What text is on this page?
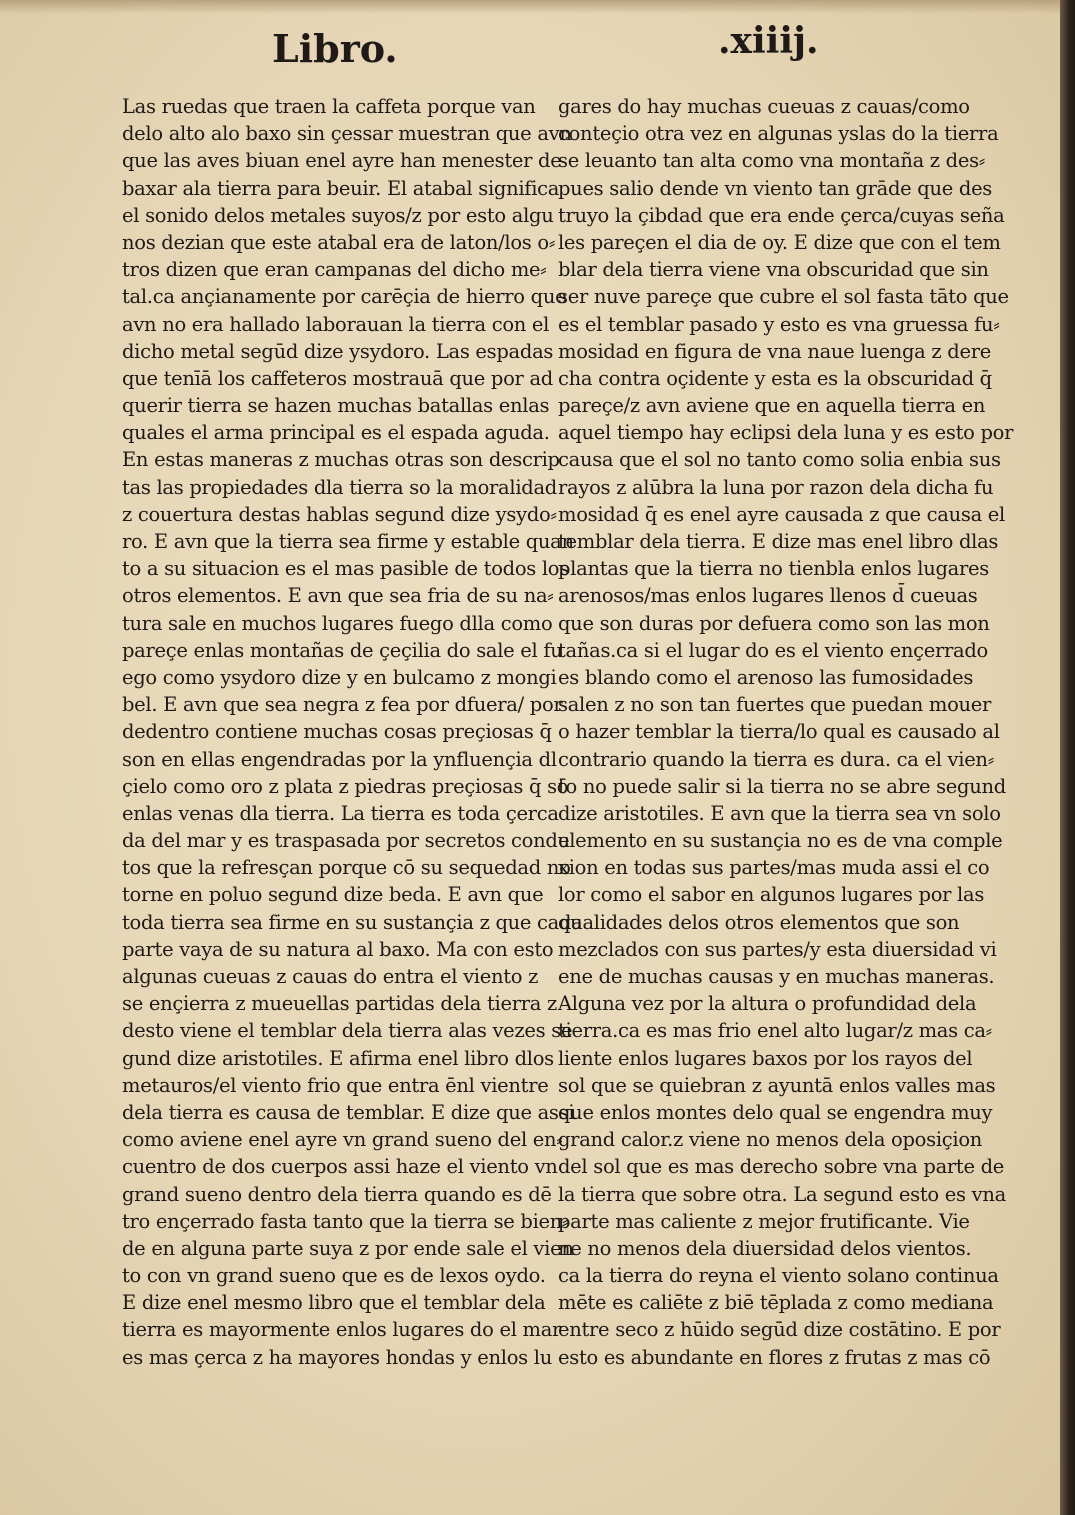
Libro.	.xiiij.
Las ruedas que traen la caffeta porque van
delo alto alo baxo sin çessar muestran que avn
que las aves biuan enel ayre han menester de
baxar ala tierra para beuir. El atabal significa
el sonido delos metales suyos/z por esto algu
nos dezian que este atabal era de laton/los o⸗
tros dizen que eran campanas del dicho me⸗
tal.ca ançianamente por carēçia de hierro que
avn no era hallado laborauan la tierra con el
dicho metal segūd dize ysydoro. Las espadas
que tenīā los caffeteros mostrauā que por ad
querir tierra se hazen muchas batallas enlas
quales el arma principal es el espada aguda.
En estas maneras z muchas otras son descrip
tas las propiedades dla tierra so la moralidad
z couertura destas hablas segund dize ysydo⸗
ro. E avn que la tierra sea firme y estable quan
to a su situacion es el mas pasible de todos los
otros elementos. E avn que sea fria de su na⸗
tura sale en muchos lugares fuego dlla como
pareçe enlas montañas de çeçilia do sale el fu
ego como ysydoro dize y en bulcamo z mongi
bel. E avn que sea negra z fea por dfuera/ por
dedentro contiene muchas cosas preçiosas q̄
son en ellas engendradas por la ynfluençia dl
çielo como oro z plata z piedras preçiosas q̄ sō
enlas venas dla tierra. La tierra es toda çerca
da del mar y es traspasada por secretos condu
tos que la refresçan porque cō su sequedad no
torne en poluo segund dize beda. E avn que
toda tierra sea firme en su sustançia z que cada
parte vaya de su natura al baxo. Ma con esto
algunas cueuas z cauas do entra el viento z
se ençierra z mueuellas partidas dela tierra z
desto viene el temblar dela tierra alas vezes se
gund dize aristotiles. E afirma enel libro dlos
metauros/el viento frio que entra ēnl vientre
dela tierra es causa de temblar. E dize que assi
como aviene enel ayre vn grand sueno del en⸗
cuentro de dos cuerpos assi haze el viento vn
grand sueno dentro dela tierra quando es dē
tro ençerrado fasta tanto que la tierra se bien⸗
de en alguna parte suya z por ende sale el vien
to con vn grand sueno que es de lexos oydo.
E dize enel mesmo libro que el temblar dela
tierra es mayormente enlos lugares do el mar
es mas çerca z ha mayores hondas y enlos lu
gares do hay muchas cueuas z cauas/como
conteçio otra vez en algunas yslas do la tierra
se leuanto tan alta como vna montaña z des⸗
pues salio dende vn viento tan grāde que des
truyo la çibdad que era ende çerca/cuyas seña
les pareçen el dia de oy. E dize que con el tem
blar dela tierra viene vna obscuridad que sin
ser nuve pareçe que cubre el sol fasta tāto que
es el temblar pasado y esto es vna gruessa fu⸗
mosidad en figura de vna naue luenga z dere
cha contra oçidente y esta es la obscuridad q̄
pareçe/z avn aviene que en aquella tierra en
aquel tiempo hay eclipsi dela luna y es esto por
causa que el sol no tanto como solia enbia sus
rayos z alūbra la luna por razon dela dicha fu
mosidad q̄ es enel ayre causada z que causa el
temblar dela tierra. E dize mas enel libro dlas
plantas que la tierra no tienbla enlos lugares
arenosos/mas enlos lugares llenos d̄ cueuas
que son duras por defuera como son las mon
tañas.ca si el lugar do es el viento ençerrado
es blando como el arenoso las fumosidades
salen z no son tan fuertes que puedan mouer
o hazer temblar la tierra/lo qual es causado al
contrario quando la tierra es dura. ca el vien⸗
to no puede salir si la tierra no se abre segund
dize aristotiles. E avn que la tierra sea vn solo
elemento en su sustançia no es de vna comple
xion en todas sus partes/mas muda assi el co
lor como el sabor en algunos lugares por las
qualidades delos otros elementos que son
mezclados con sus partes/y esta diuersidad vi
ene de muchas causas y en muchas maneras.
Alguna vez por la altura o profundidad dela
tierra.ca es mas frio enel alto lugar/z mas ca⸗
liente enlos lugares baxos por los rayos del
sol que se quiebran z ayuntā enlos valles mas
que enlos montes delo qual se engendra muy
grand calor.z viene no menos dela oposiçion
del sol que es mas derecho sobre vna parte de
la tierra que sobre otra. La segund esto es vna
parte mas caliente z mejor frutificante. Vie
ne no menos dela diuersidad delos vientos.
ca la tierra do reyna el viento solano continua
mēte es caliēte z biē tēplada z como mediana
entre seco z hūido segūd dize costātino. E por
esto es abundante en flores z frutas z mas cō
